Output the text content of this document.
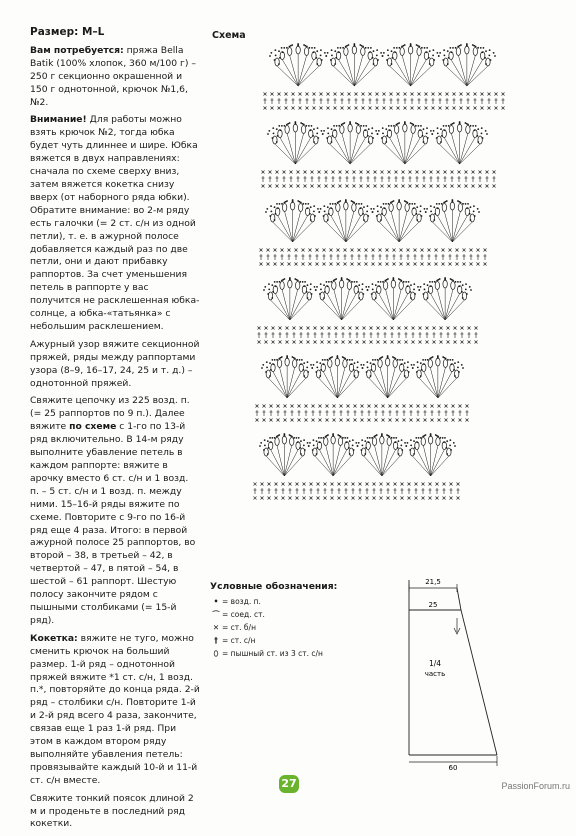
Размер: M–L

Вам потребуется: пряжа Bella Batik (100% хлопок, 360 м/100 г) – 250 г секционно окрашенной и 150 г однотонной, крючок №1,6, №2.

Внимание! Для работы можно взять крючок №2, тогда юбка будет чуть длиннее и шире. Юбка вяжется в двух направлениях: сначала по схеме сверху вниз, затем вяжется кокетка снизу вверх (от наборного ряда юбки). Обратите внимание: во 2-м ряду есть галочки (= 2 ст. с/н из одной петли), т. е. в ажурной полосе добавляется каждый раз по две петли, они и дают прибавку раппортов. За счет уменьшения петель в раппорте у вас получится не расклешенная юбка-солнце, а юбка-«татьянка» с небольшим расклешением.

Ажурный узор вяжите секционной пряжей, ряды между раппортами узора (8–9, 16–17, 24, 25 и т. д.) – однотонной пряжей.

Свяжите цепочку из 225 возд. п. (= 25 раппортов по 9 п.). Далее вяжите по схеме с 1-го по 13-й ряд включительно. В 14-м ряду выполните убавление петель в каждом раппорте: вяжите в арочку вместо 6 ст. с/н и 1 возд. п. – 5 ст. с/н и 1 возд. п. между ними. 15–16-й ряды вяжите по схеме. Повторите с 9-го по 16-й ряд еще 4 раза. Итого: в первой ажурной полосе 25 раппортов, во второй – 38, в третьей – 42, в четвертой – 47, в пятой – 54, в шестой – 61 раппорт. Шестую полосу закончите рядом с пышными столбиками (= 15-й ряд).

Кокетка: вяжите не туго, можно сменить крючок на больший размер. 1-й ряд – однотонной пряжей вяжите *1 ст. с/н, 1 возд. п.*, повторяйте до конца ряда. 2-й ряд – столбики с/н. Повторите 1-й и 2-й ряд всего 4 раза, закончите, связав еще 1 раз 1-й ряд. При этом в каждом втором ряду выполняйте убавления петель: провязывайте каждый 10-й и 11-й ст. с/н вместе.

Свяжите тонкий поясок длиной 2 м и проденьте в последний ряд кокетки.

Схема
Условные обозначения:
• = возд. п.
⌒ = соед. ст.
✕ = ст. б/н
† = ст. с/н
⬯ = пышный ст. из 3 ст. с/н
21,5
25
60
1/4
часть
27	PassionForum.ru
